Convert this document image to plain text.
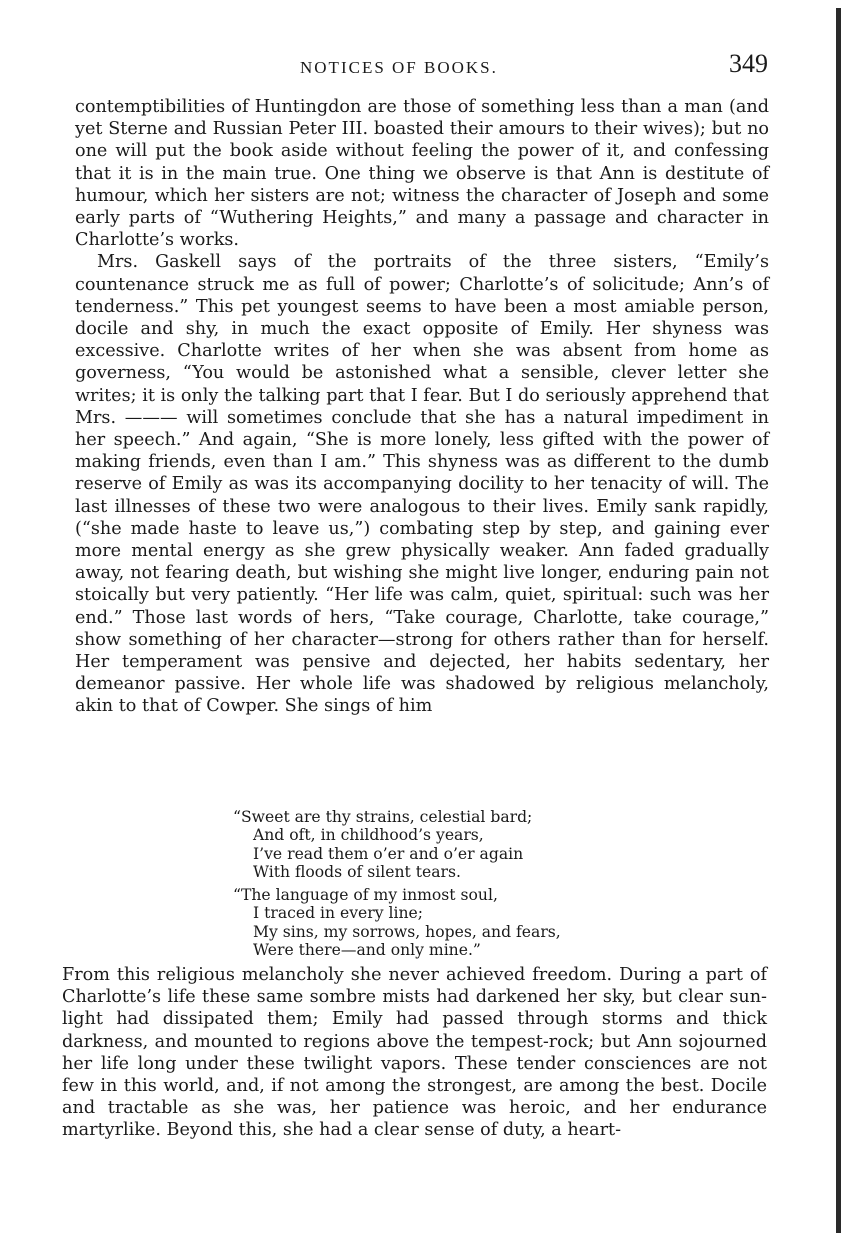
NOTICES OF BOOKS.	349

contemptibilities of Huntingdon are those of something less than a man (and yet Sterne and Russian Peter III. boasted their amours to their wives); but no one will put the book aside without feeling the power of it, and confessing that it is in the main true. One thing we observe is that Ann is destitute of humour, which her sisters are not; witness the character of Joseph and some early parts of “Wuthering Heights,” and many a passage and character in Charlotte’s works.

Mrs. Gaskell says of the portraits of the three sisters, “Emily’s countenance struck me as full of power; Charlotte’s of solicitude; Ann’s of tenderness.” This pet youngest seems to have been a most amiable person, docile and shy, in much the exact opposite of Emily. Her shyness was excessive. Charlotte writes of her when she was absent from home as governess, “You would be astonished what a sensible, clever letter she writes; it is only the talking part that I fear. But I do seriously apprehend that Mrs. ——— will sometimes conclude that she has a natural impediment in her speech.” And again, “She is more lonely, less gifted with the power of making friends, even than I am.” This shyness was as different to the dumb reserve of Emily as was its accompanying docility to her tenacity of will. The last illnesses of these two were analogous to their lives. Emily sank rapidly, (“she made haste to leave us,”) combating step by step, and gaining ever more mental energy as she grew physically weaker. Ann faded gradually away, not fearing death, but wishing she might live longer, enduring pain not stoically but very patiently. “Her life was calm, quiet, spiritual: such was her end.” Those last words of hers, “Take courage, Charlotte, take courage,” show something of her character—strong for others rather than for herself. Her temperament was pensive and dejected, her habits sedentary, her demeanor passive. Her whole life was shadowed by religious melancholy, akin to that of Cowper. She sings of him

“Sweet are thy strains, celestial bard;
And oft, in childhood’s years,
I’ve read them o’er and o’er again
With floods of silent tears.
“The language of my inmost soul,
I traced in every line;
My sins, my sorrows, hopes, and fears,
Were there—and only mine.”

From this religious melancholy she never achieved freedom. During a part of Charlotte’s life these same sombre mists had darkened her sky, but clear sun-light had dissipated them; Emily had passed through storms and thick darkness, and mounted to regions above the tempest-rock; but Ann sojourned her life long under these twilight vapors. These tender consciences are not few in this world, and, if not among the strongest, are among the best. Docile and tractable as she was, her patience was heroic, and her endurance martyrlike. Beyond this, she had a clear sense of duty, a heart-
